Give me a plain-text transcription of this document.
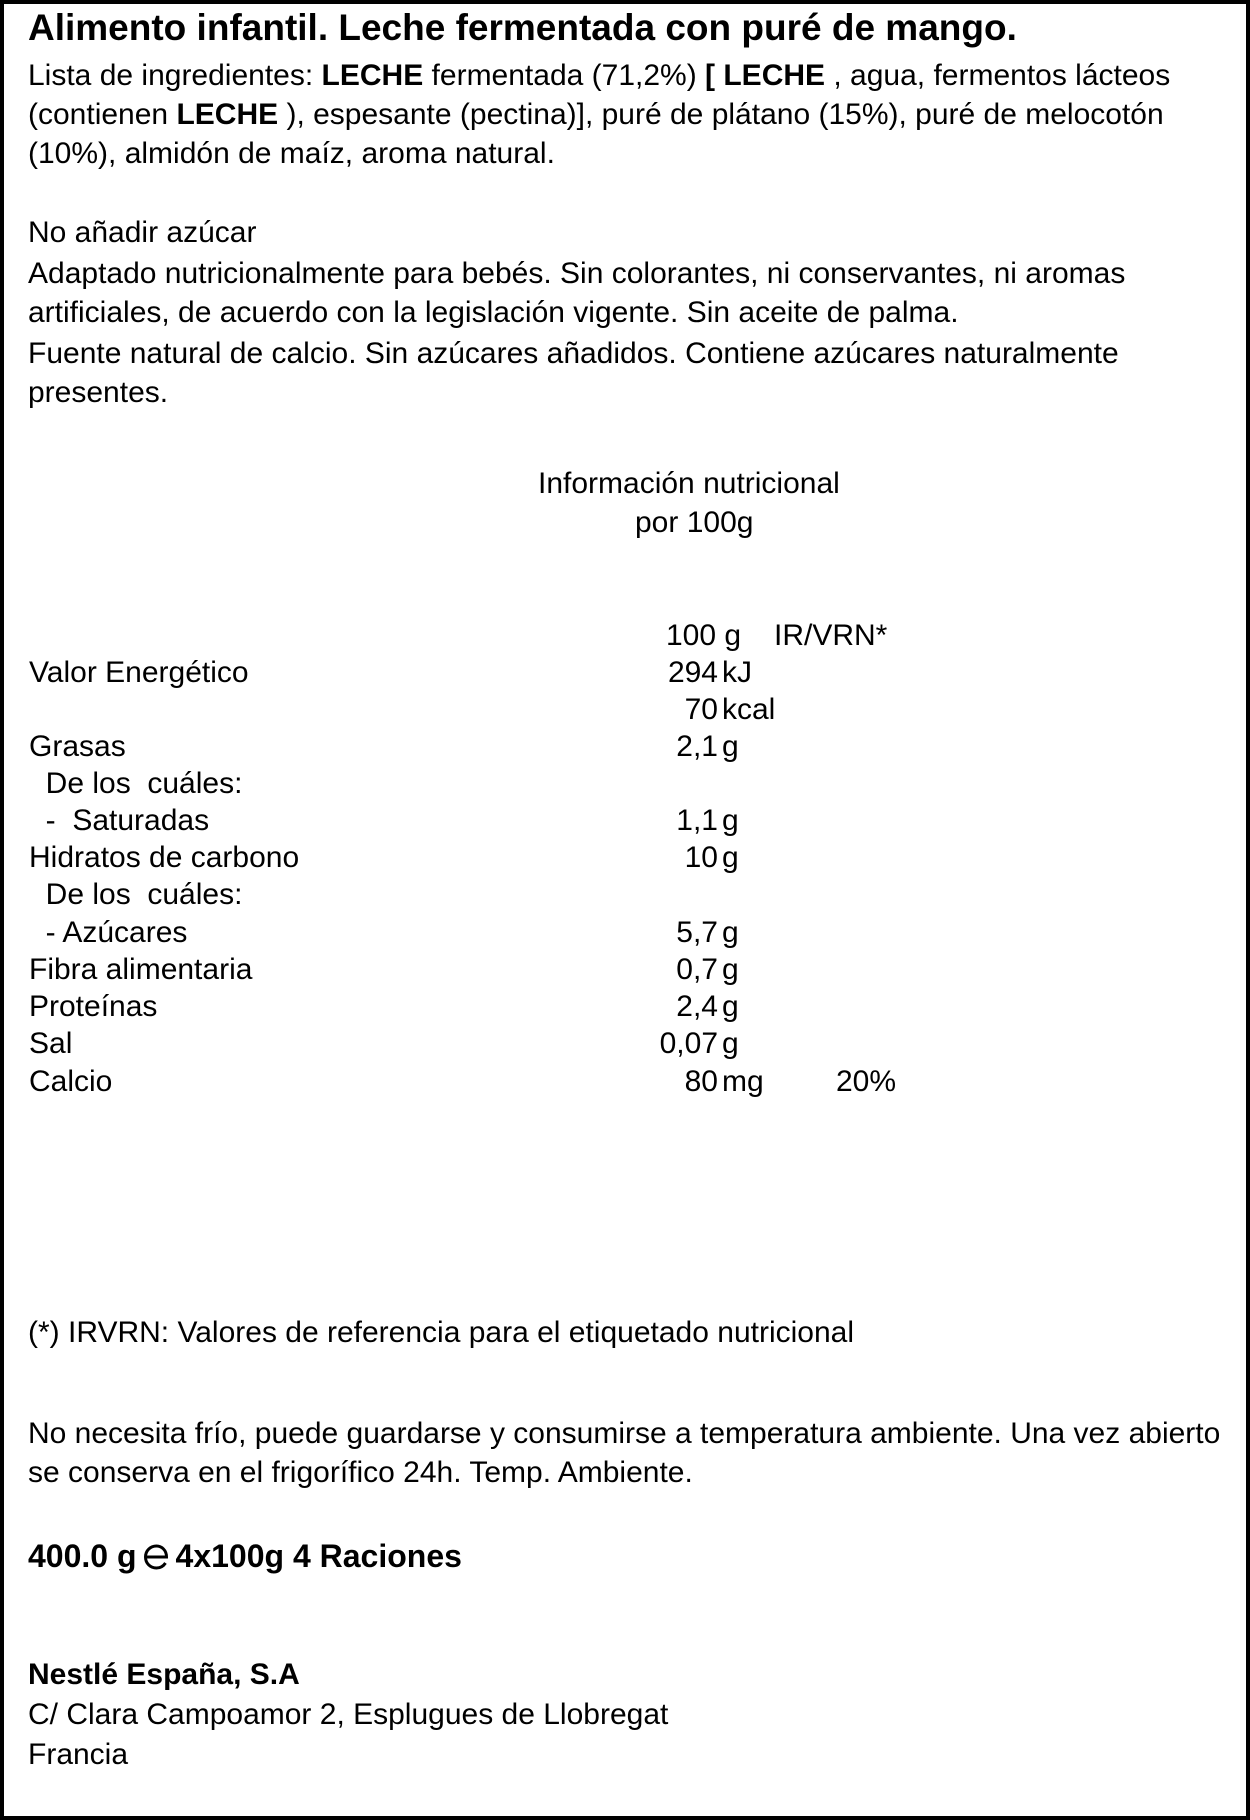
Alimento infantil. Leche fermentada con puré de mango.

Lista de ingredientes: LECHE fermentada (71,2%) [ LECHE , agua, fermentos lácteos (contienen LECHE ), espesante (pectina)], puré de plátano (15%), puré de melocotón (10%), almidón de maíz, aroma natural.

No añadir azúcar

Adaptado nutricionalmente para bebés. Sin colorantes, ni conservantes, ni aromas artificiales, de acuerdo con la legislación vigente. Sin aceite de palma.

Fuente natural de calcio. Sin azúcares añadidos. Contiene azúcares naturalmente presentes.

Información nutricional

por 100g

100 g IR/VRN*

Valor Energético	294 kJ

70 kcal

Grasas	2,1 g

De los  cuáles:

-  Saturadas	1,1 g

Hidratos de carbono	10 g

De los  cuáles:

- Azúcares	5,7 g

Fibra alimentaria	0,7 g

Proteínas	2,4 g

Sal	0,07 g

Calcio	80 mg 20%

(*) IRVRN: Valores de referencia para el etiquetado nutricional

No necesita frío, puede guardarse y consumirse a temperatura ambiente. Una vez abierto se conserva en el frigorífico 24h. Temp. Ambiente.

400.0 g 4x100g 4 Raciones

Nestlé España, S.A

C/ Clara Campoamor 2, Esplugues de Llobregat

Francia
